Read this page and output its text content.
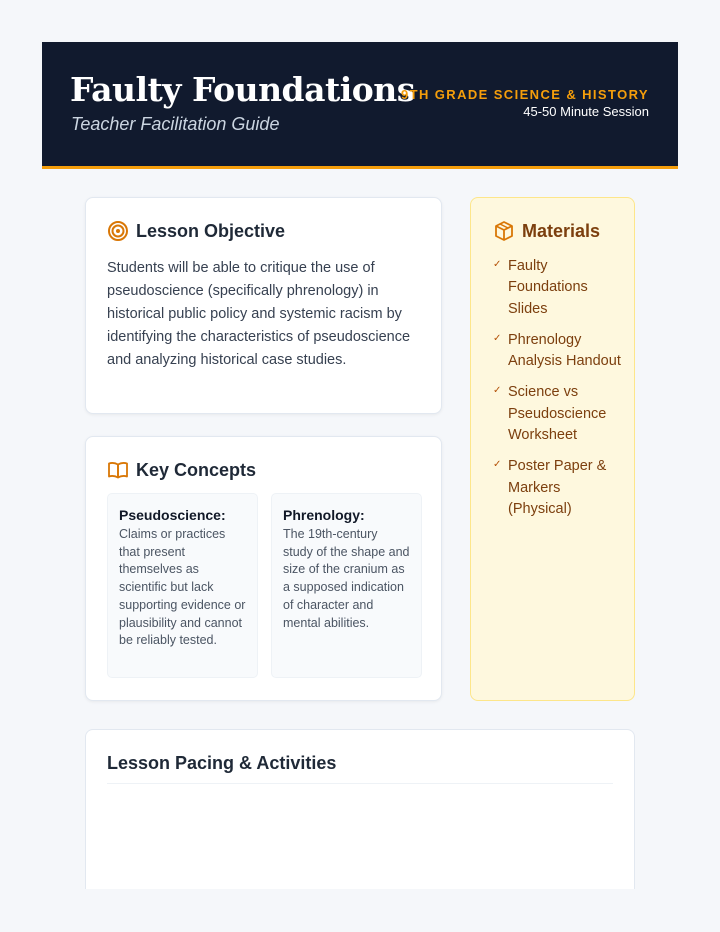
Faulty Foundations
Teacher Facilitation Guide
9TH GRADE SCIENCE & HISTORY
45-50 Minute Session
Lesson Objective

Students will be able to critique the use of pseudoscience (specifically phrenology) in historical public policy and systemic racism by identifying the characteristics of pseudoscience and analyzing historical case studies.

Key Concepts
Pseudoscience:
Claims or practices that present themselves as scientific but lack supporting evidence or plausibility and cannot be reliably tested.
Phrenology:
The 19th-century study of the shape and size of the cranium as a supposed indication of character and mental abilities.
Materials
✓ Faulty Foundations Slides
✓ Phrenology Analysis Handout
✓ Science vs Pseudoscience Worksheet
✓ Poster Paper & Markers (Physical)
Lesson Pacing & Activities
